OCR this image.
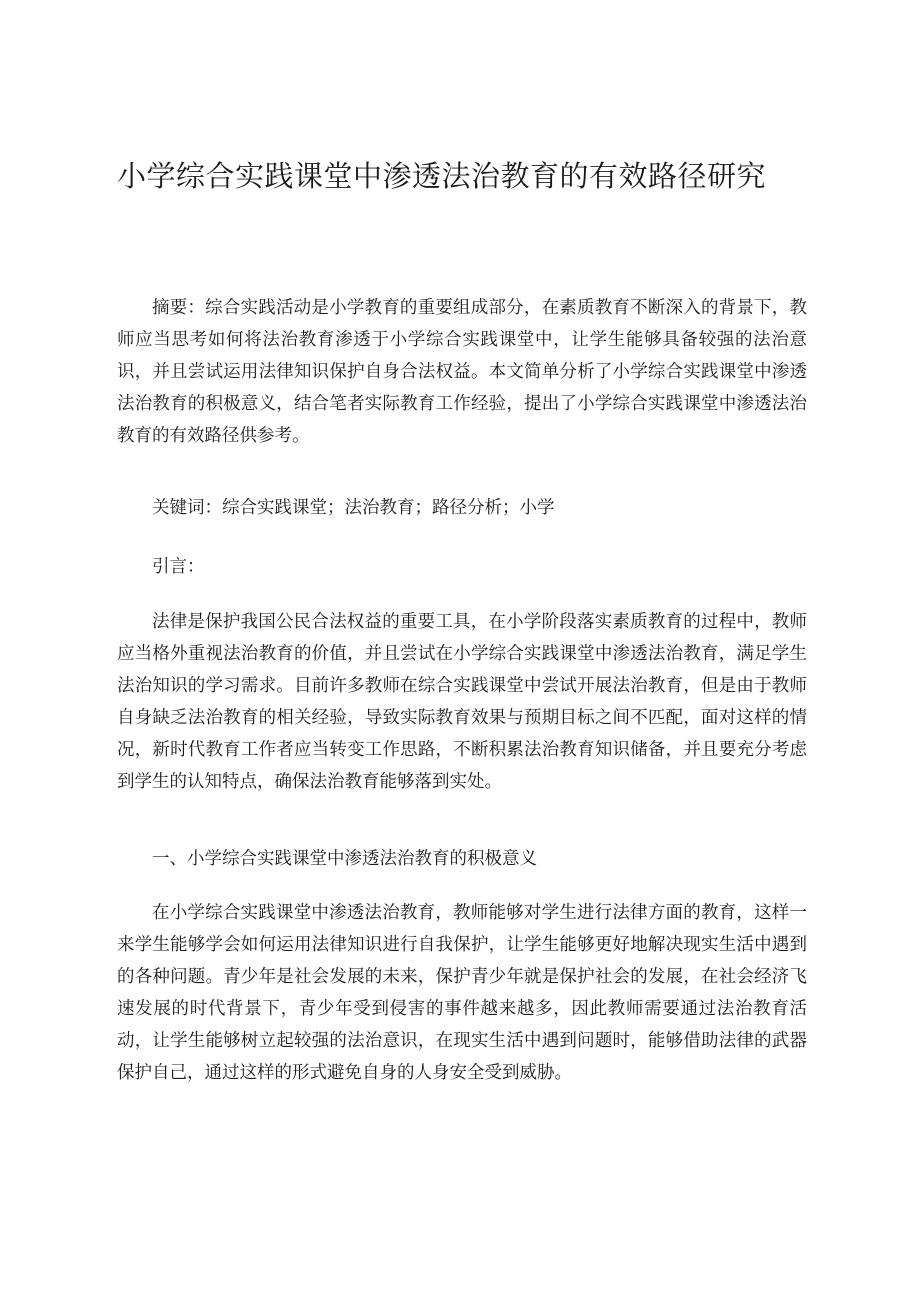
小学综合实践课堂中渗透法治教育的有效路径研究
摘要：综合实践活动是小学教育的重要组成部分，在素质教育不断深入的背景下，教师应当思考如何将法治教育渗透于小学综合实践课堂中，让学生能够具备较强的法治意识，并且尝试运用法律知识保护自身合法权益。本文简单分析了小学综合实践课堂中渗透法治教育的积极意义，结合笔者实际教育工作经验，提出了小学综合实践课堂中渗透法治教育的有效路径供参考。
关键词：综合实践课堂；法治教育；路径分析；小学
引言：
法律是保护我国公民合法权益的重要工具，在小学阶段落实素质教育的过程中，教师应当格外重视法治教育的价值，并且尝试在小学综合实践课堂中渗透法治教育，满足学生法治知识的学习需求。目前许多教师在综合实践课堂中尝试开展法治教育，但是由于教师自身缺乏法治教育的相关经验，导致实际教育效果与预期目标之间不匹配，面对这样的情况，新时代教育工作者应当转变工作思路，不断积累法治教育知识储备，并且要充分考虑到学生的认知特点，确保法治教育能够落到实处。
一、小学综合实践课堂中渗透法治教育的积极意义
在小学综合实践课堂中渗透法治教育，教师能够对学生进行法律方面的教育，这样一来学生能够学会如何运用法律知识进行自我保护，让学生能够更好地解决现实生活中遇到的各种问题。青少年是社会发展的未来，保护青少年就是保护社会的发展，在社会经济飞速发展的时代背景下，青少年受到侵害的事件越来越多，因此教师需要通过法治教育活动，让学生能够树立起较强的法治意识，在现实生活中遇到问题时，能够借助法律的武器保护自己，通过这样的形式避免自身的人身安全受到威胁。
